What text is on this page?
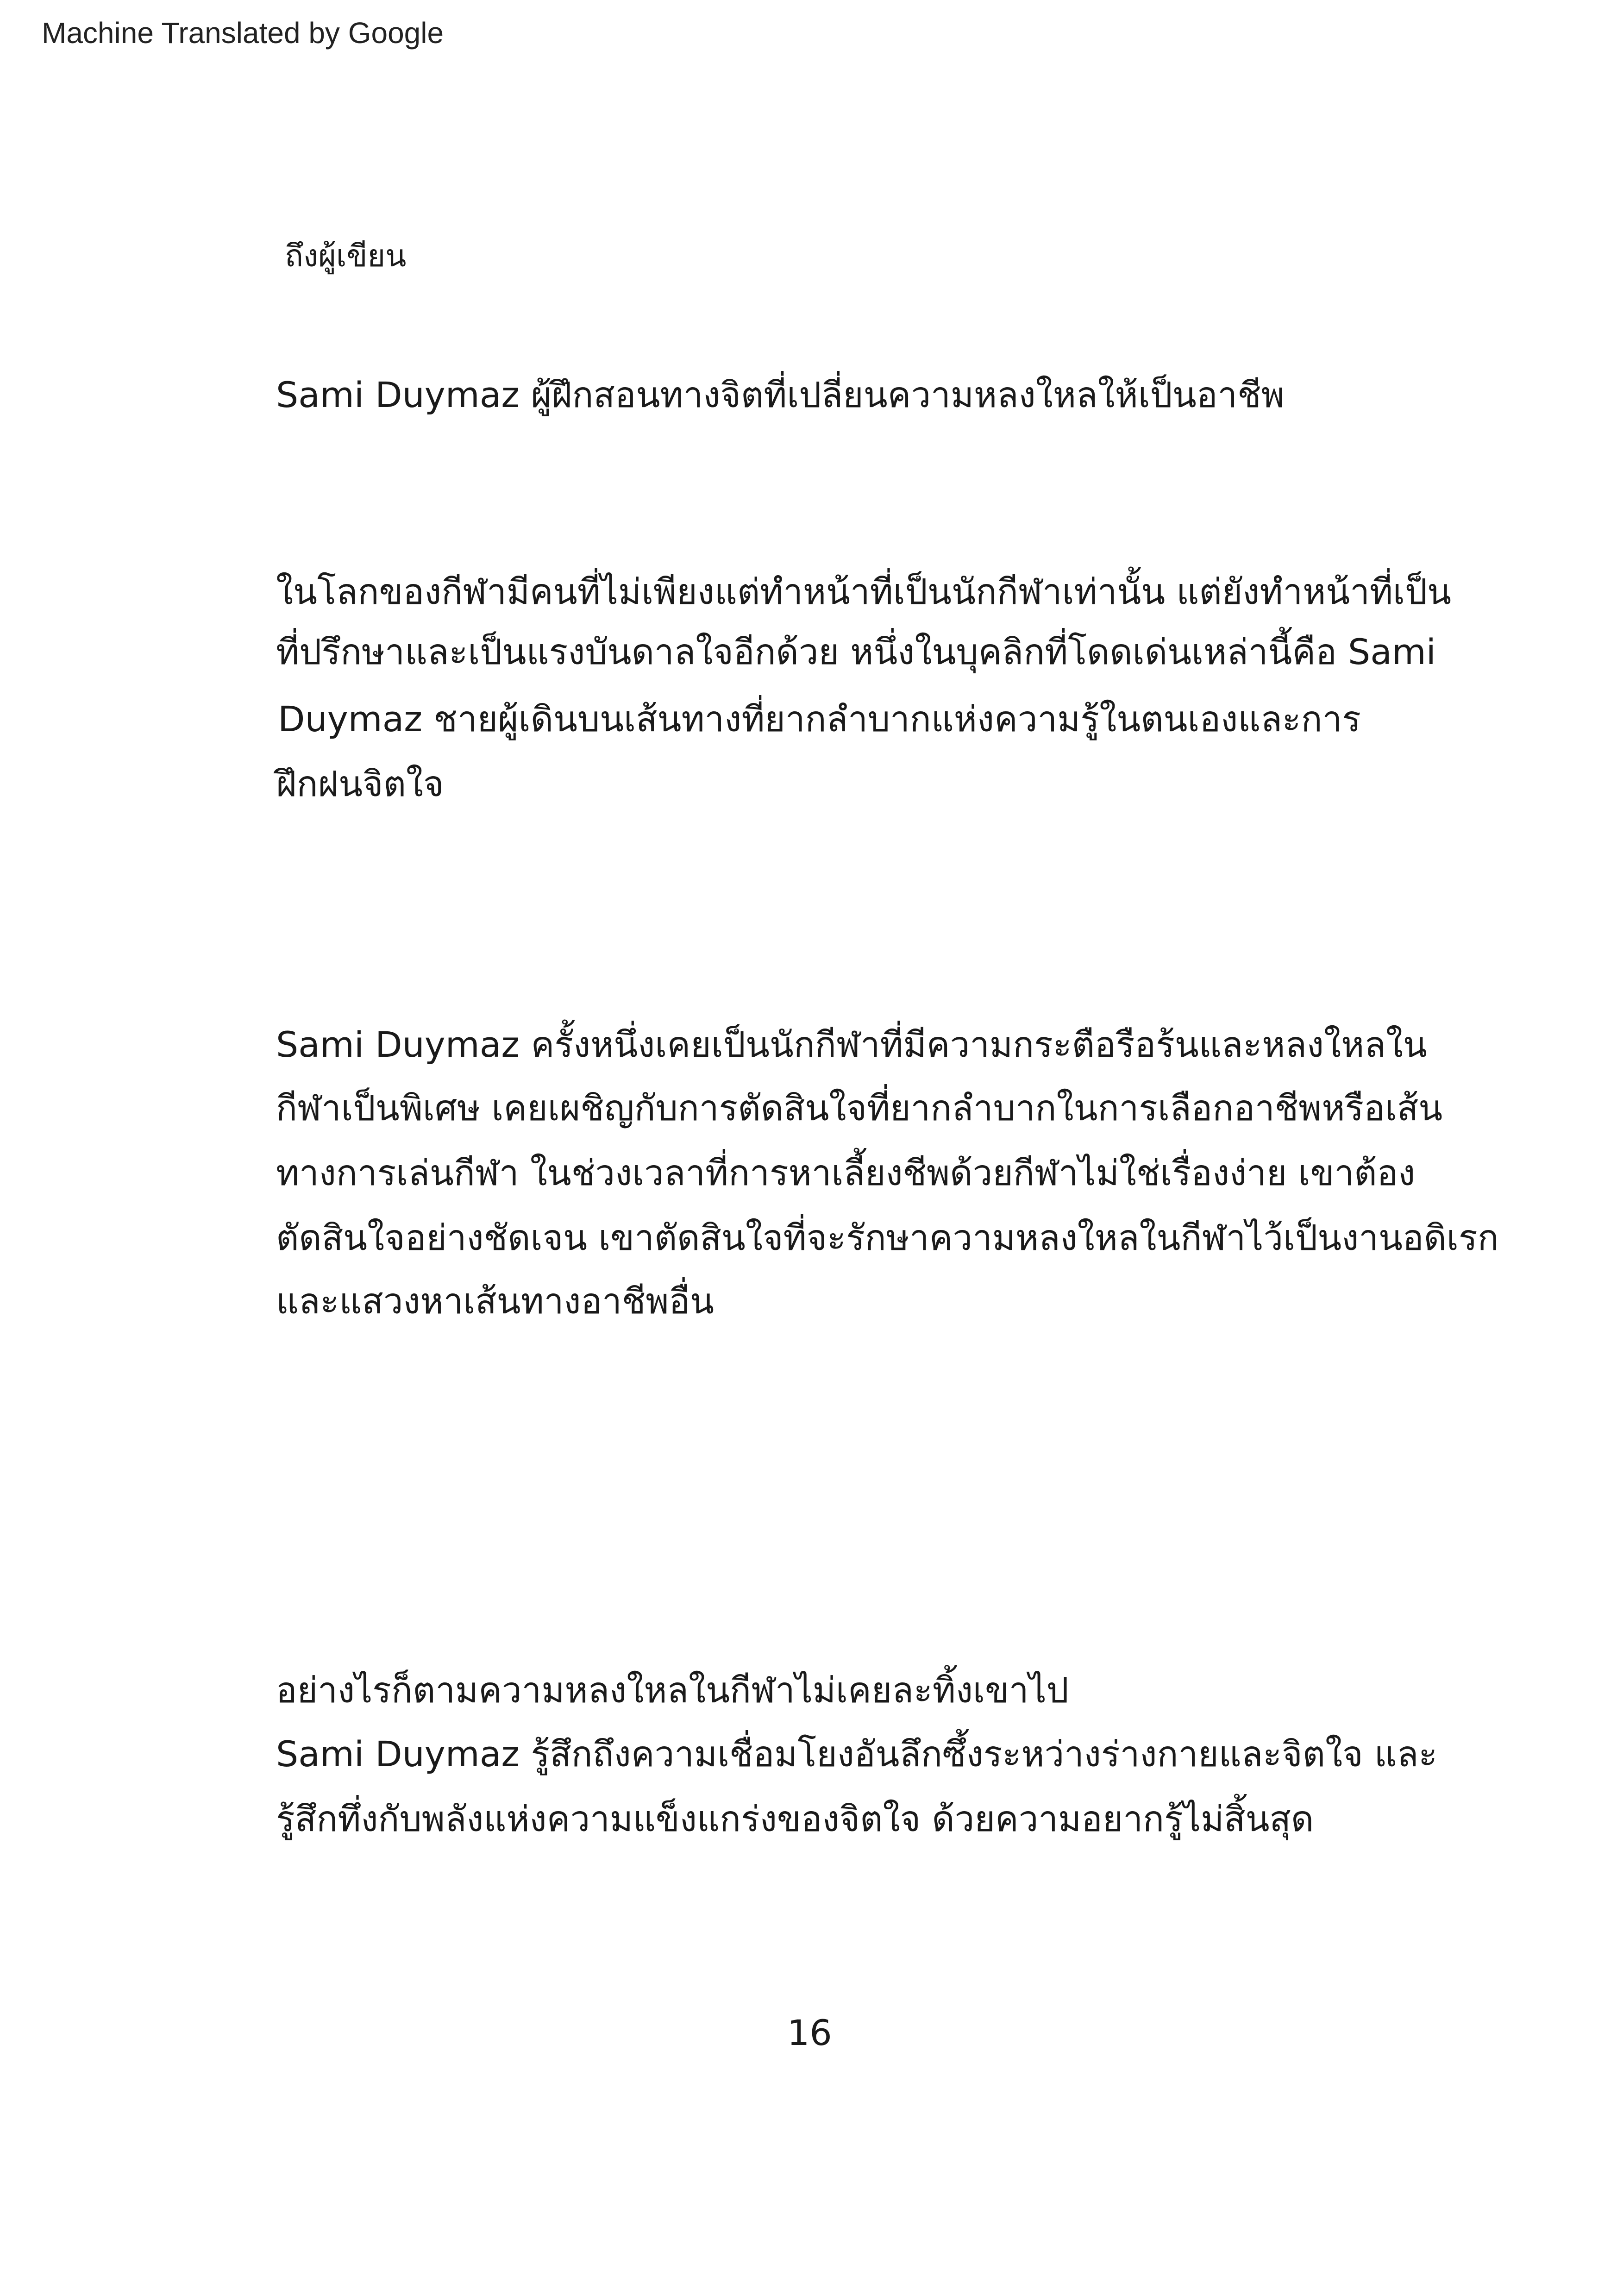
Machine Translated by Google
ถึงผู้เขียน
Sami Duymaz ผู้ฝึกสอนทางจิตที่เปลี่ยนความหลงใหลให้เป็นอาชีพ
ในโลกของกีฬามีคนที่ไม่เพียงแต่ทำหน้าที่เป็นนักกีฬาเท่านั้น แต่ยังทำหน้าที่เป็น
ที่ปรึกษาและเป็นแรงบันดาลใจอีกด้วย หนึ่งในบุคลิกที่โดดเด่นเหล่านี้คือ Sami
Duymaz ชายผู้เดินบนเส้นทางที่ยากลำบากแห่งความรู้ในตนเองและการ
ฝึกฝนจิตใจ
Sami Duymaz ครั้งหนึ่งเคยเป็นนักกีฬาที่มีความกระตือรือร้นและหลงใหลใน
กีฬาเป็นพิเศษ เคยเผชิญกับการตัดสินใจที่ยากลำบากในการเลือกอาชีพหรือเส้น
ทางการเล่นกีฬา ในช่วงเวลาที่การหาเลี้ยงชีพด้วยกีฬาไม่ใช่เรื่องง่าย เขาต้อง
ตัดสินใจอย่างชัดเจน เขาตัดสินใจที่จะรักษาความหลงใหลในกีฬาไว้เป็นงานอดิเรก
และแสวงหาเส้นทางอาชีพอื่น
อย่างไรก็ตามความหลงใหลในกีฬาไม่เคยละทิ้งเขาไป
Sami Duymaz รู้สึกถึงความเชื่อมโยงอันลึกซึ้งระหว่างร่างกายและจิตใจ และ
รู้สึกทึ่งกับพลังแห่งความแข็งแกร่งของจิตใจ ด้วยความอยากรู้ไม่สิ้นสุด
16
